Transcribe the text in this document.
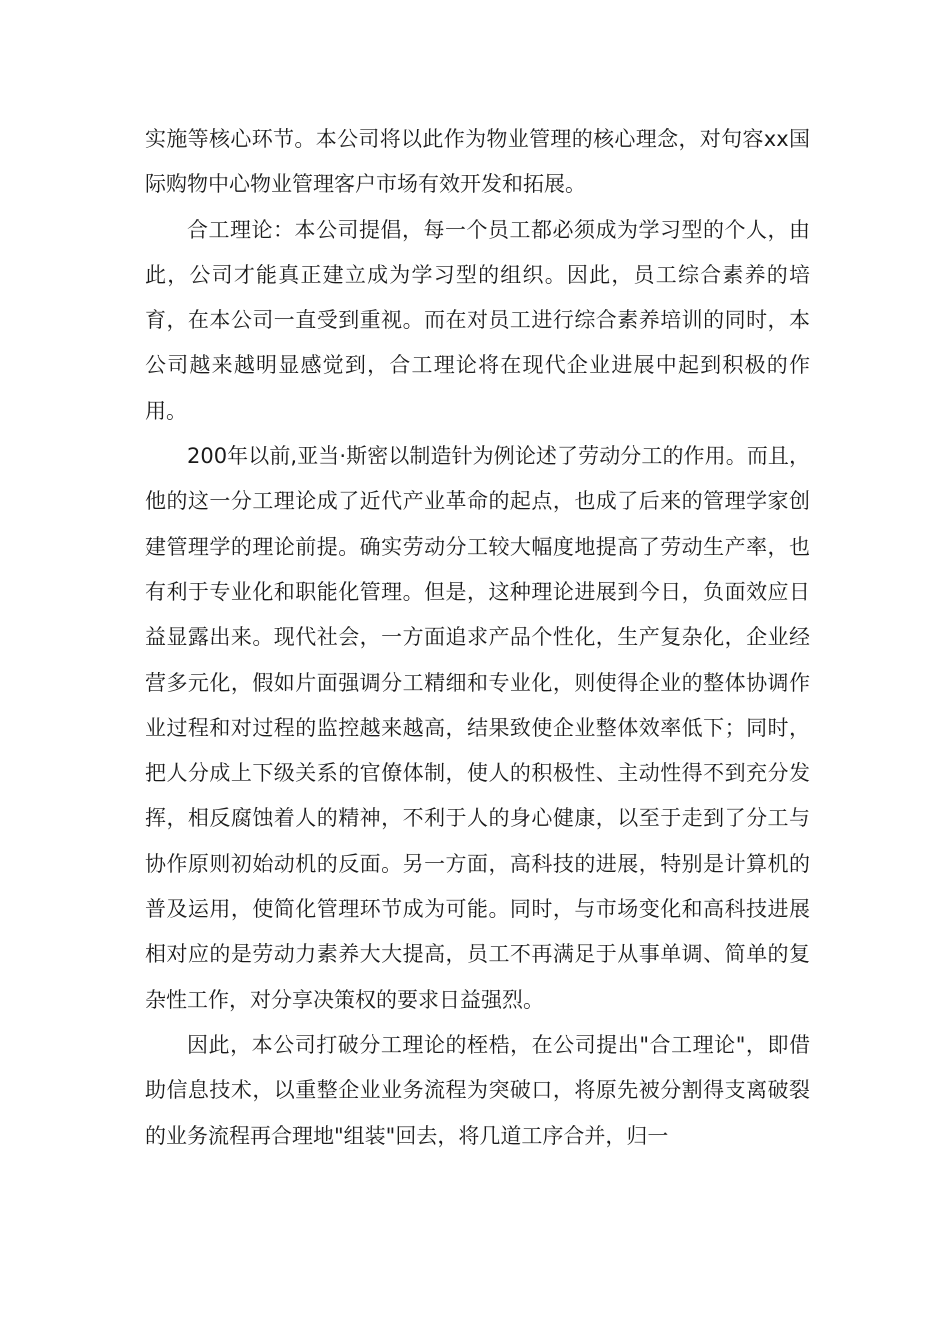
实施等核心环节。本公司将以此作为物业管理的核心理念，对句容xx国际购物中心物业管理客户市场有效开发和拓展。

合工理论：本公司提倡，每一个员工都必须成为学习型的个人，由此，公司才能真正建立成为学习型的组织。因此，员工综合素养的培育，在本公司一直受到重视。而在对员工进行综合素养培训的同时，本公司越来越明显感觉到，合工理论将在现代企业进展中起到积极的作用。

200年以前,亚当·斯密以制造针为例论述了劳动分工的作用。而且，他的这一分工理论成了近代产业革命的起点，也成了后来的管理学家创建管理学的理论前提。确实劳动分工较大幅度地提高了劳动生产率，也有利于专业化和职能化管理。但是，这种理论进展到今日，负面效应日益显露出来。现代社会，一方面追求产品个性化，生产复杂化，企业经营多元化，假如片面强调分工精细和专业化，则使得企业的整体协调作业过程和对过程的监控越来越高，结果致使企业整体效率低下；同时，把人分成上下级关系的官僚体制，使人的积极性、主动性得不到充分发挥，相反腐蚀着人的精神，不利于人的身心健康，以至于走到了分工与协作原则初始动机的反面。另一方面，高科技的进展，特别是计算机的普及运用，使简化管理环节成为可能。同时，与市场变化和高科技进展相对应的是劳动力素养大大提高，员工不再满足于从事单调、简单的复杂性工作，对分享决策权的要求日益强烈。

因此，本公司打破分工理论的桎梏，在公司提出"合工理论"，即借助信息技术，以重整企业业务流程为突破口，将原先被分割得支离破裂的业务流程再合理地"组装"回去，将几道工序合并，归一
